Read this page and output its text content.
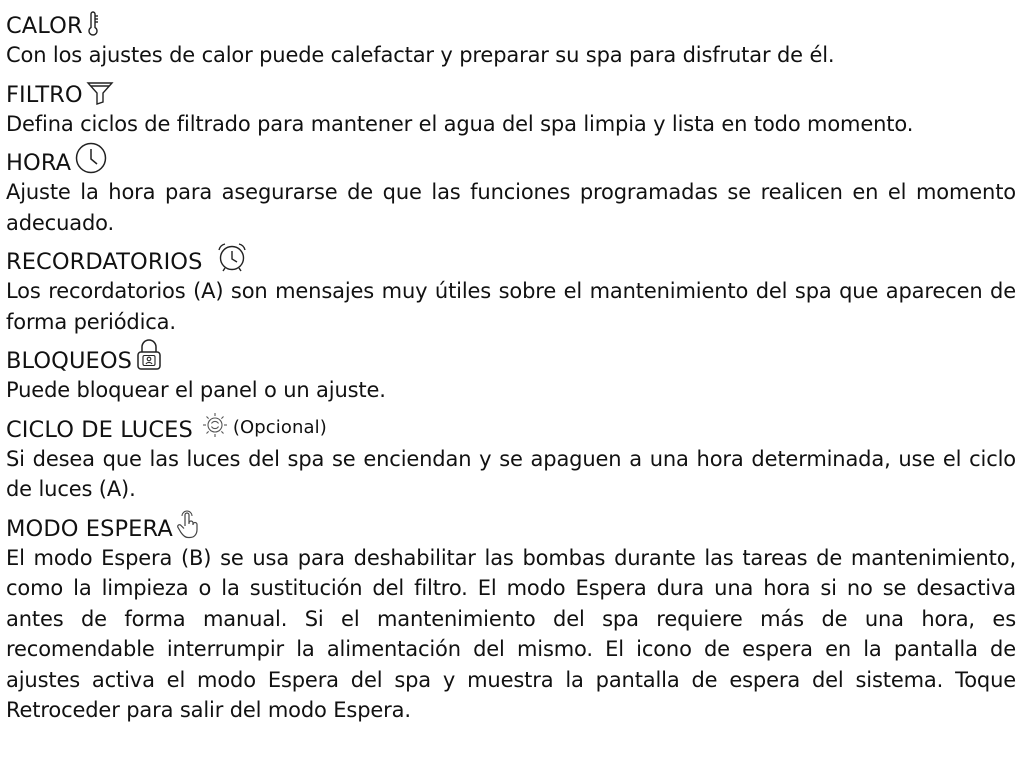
CALOR

Con los ajustes de calor puede calefactar y preparar su spa para disfrutar de él.

FILTRO

Defina ciclos de filtrado para mantener el agua del spa limpia y lista en todo momento.

HORA

Ajuste la hora para asegurarse de que las funciones programadas se realicen en el momento adecuado.

RECORDATORIOS

Los recordatorios (A) son mensajes muy útiles sobre el mantenimiento del spa que aparecen de forma periódica.

BLOQUEOS

Puede bloquear el panel o un ajuste.

CICLO DE LUCES (Opcional)

Si desea que las luces del spa se enciendan y se apaguen a una hora determinada, use el ciclo de luces (A).

MODO ESPERA

El modo Espera (B) se usa para deshabilitar las bombas durante las tareas de mantenimiento, como la limpieza o la sustitución del filtro. El modo Espera dura una hora si no se desactiva antes de forma manual. Si el mantenimiento del spa requiere más de una hora, es recomendable interrumpir la alimentación del mismo. El icono de espera en la pantalla de ajustes activa el modo Espera del spa y muestra la pantalla de espera del sistema. Toque Retroceder para salir del modo Espera.
